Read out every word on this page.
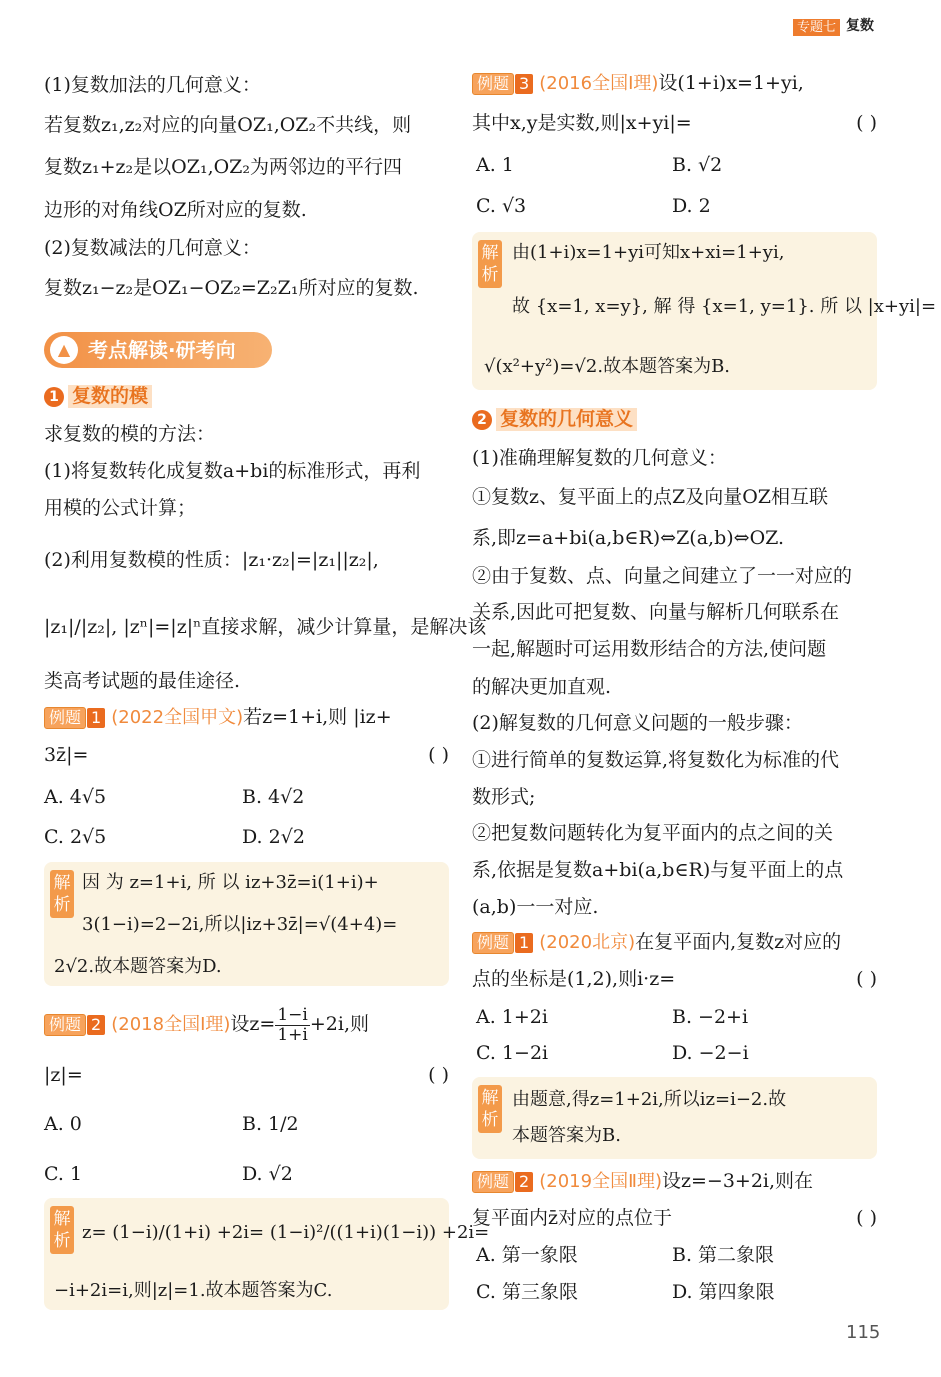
专题七 复数
(1)复数加法的几何意义：
若复数z₁,z₂对应的向量OZ₁,OZ₂不共线，则
复数z₁+z₂是以OZ₁,OZ₂为两邻边的平行四
边形的对角线OZ所对应的复数.
(2)复数减法的几何意义：
复数z₁−z₂是OZ₁−OZ₂=Z₂Z₁所对应的复数.
▲ 考点解读·研考向
1 复数的模
求复数的模的方法：
(1)将复数转化成复数a+bi的标准形式，再利
用模的公式计算；
(2)利用复数模的性质：|z₁·z₂|=|z₁||z₂|,
|z₁|/|z₂|, |zⁿ|=|z|ⁿ直接求解，减少计算量，是解决该
类高考试题的最佳途径.
例题 1 (2022全国甲文)若z=1+i,则 |iz+
3z̄|=	( )
A. 4√5	B. 4√2
C. 2√5	D. 2√2
解析
因 为 z=1+i, 所 以 iz+3z̄=i(1+i)+
3(1−i)=2−2i,所以|iz+3z̄|=√(4+4)=
2√2.故本题答案为D.
例题 2 (2018全国Ⅰ理)设$z= \frac{1-i}{1+i} +2i$,则
|z|=	( )
A. 0	B. 1/2
C. 1	D. √2
解析 z= (1−i)/(1+i) +2i= (1−i)²/((1+i)(1−i)) +2i=
−i+2i=i,则|z|=1.故本题答案为C.
例题 3 (2016全国Ⅰ理)设(1+i)x=1+yi,
其中x,y是实数,则|x+yi|=	( )
A. 1	B. √2
C. √3	D. 2
解析
由(1+i)x=1+yi可知x+xi=1+yi,
故 {x=1, x=y}, 解 得 {x=1, y=1}. 所 以 |x+yi|=
√(x²+y²)=√2.故本题答案为B.
2 复数的几何意义
(1)准确理解复数的几何意义：
①复数z、复平面上的点Z及向量OZ相互联
系,即z=a+bi(a,b∈R)⇔Z(a,b)⇔OZ.
②由于复数、点、向量之间建立了一一对应的
关系,因此可把复数、向量与解析几何联系在
一起,解题时可运用数形结合的方法,使问题
的解决更加直观.
(2)解复数的几何意义问题的一般步骤：
①进行简单的复数运算,将复数化为标准的代
数形式;
②把复数问题转化为复平面内的点之间的关
系,依据是复数a+bi(a,b∈R)与复平面上的点
(a,b)一一对应.
例题 1 (2020北京)在复平面内,复数z对应的
点的坐标是(1,2),则i·z=	( )
A. 1+2i	B. −2+i
C. 1−2i	D. −2−i
解析
由题意,得z=1+2i,所以iz=i−2.故
本题答案为B.
例题 2 (2019全国Ⅱ理)设z=−3+2i,则在
复平面内z̄对应的点位于	( )
A. 第一象限	B. 第二象限
C. 第三象限	D. 第四象限
115
